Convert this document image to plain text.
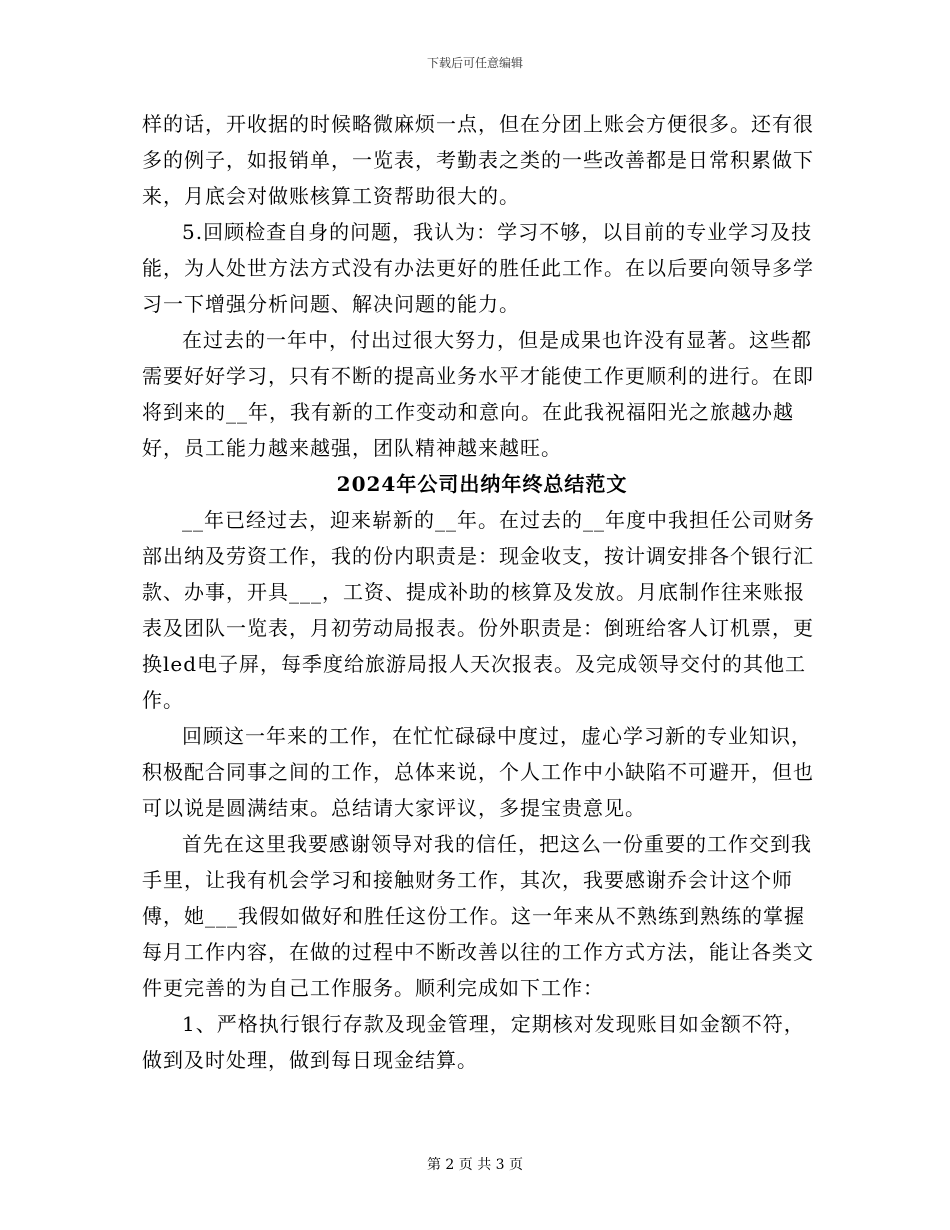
下载后可任意编辑

样的话，开收据的时候略微麻烦一点，但在分团上账会方便很多。还有很多的例子，如报销单，一览表，考勤表之类的一些改善都是日常积累做下来，月底会对做账核算工资帮助很大的。

5.回顾检查自身的问题，我认为：学习不够，以目前的专业学习及技能，为人处世方法方式没有办法更好的胜任此工作。在以后要向领导多学习一下增强分析问题、解决问题的能力。

在过去的一年中，付出过很大努力，但是成果也许没有显著。这些都需要好好学习，只有不断的提高业务水平才能使工作更顺利的进行。在即将到来的__年，我有新的工作变动和意向。在此我祝福阳光之旅越办越好，员工能力越来越强，团队精神越来越旺。

2024年公司出纳年终总结范文

__年已经过去，迎来崭新的__年。在过去的__年度中我担任公司财务部出纳及劳资工作，我的份内职责是：现金收支，按计调安排各个银行汇款、办事，开具___，工资、提成补助的核算及发放。月底制作往来账报表及团队一览表，月初劳动局报表。份外职责是：倒班给客人订机票，更换led电子屏，每季度给旅游局报人天次报表。及完成领导交付的其他工作。

回顾这一年来的工作，在忙忙碌碌中度过，虚心学习新的专业知识，积极配合同事之间的工作，总体来说，个人工作中小缺陷不可避开，但也可以说是圆满结束。总结请大家评议，多提宝贵意见。

首先在这里我要感谢领导对我的信任，把这么一份重要的工作交到我手里，让我有机会学习和接触财务工作，其次，我要感谢乔会计这个师傅，她___我假如做好和胜任这份工作。这一年来从不熟练到熟练的掌握每月工作内容，在做的过程中不断改善以往的工作方式方法，能让各类文件更完善的为自己工作服务。顺利完成如下工作：

1、严格执行银行存款及现金管理，定期核对发现账目如金额不符，做到及时处理，做到每日现金结算。

第 2 页 共 3 页
